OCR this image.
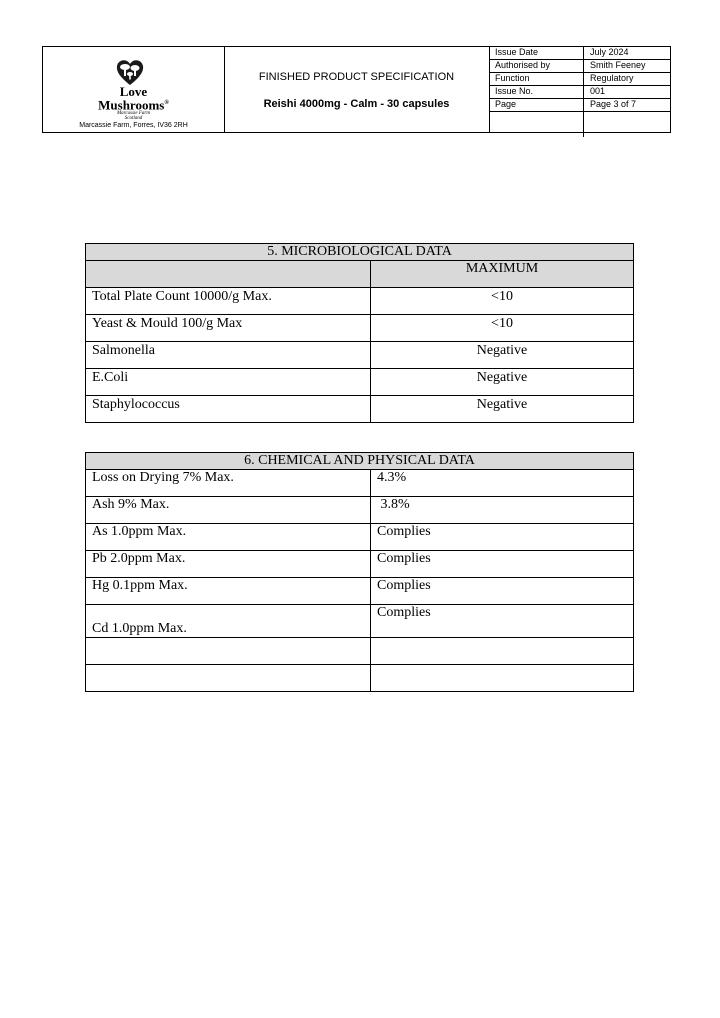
Love
Mushrooms®
Marcassie Farm
Scotland
Marcassie Farm, Forres, IV36 2RH
FINISHED PRODUCT SPECIFICATION
Reishi 4000mg - Calm - 30 capsules
Issue Date	July 2024
Authorised by	Smith Feeney
Function	Regulatory
Issue No.	001
Page	Page 3 of 7

5. MICROBIOLOGICAL DATA	
	MAXIMUM

Total Plate Count 10000/g Max.	<10

Yeast & Mould 100/g Max	<10

Salmonella	Negative

E.Coli	Negative

Staphylococcus	Negative
6. CHEMICAL AND PHYSICAL DATA	
Loss on Drying 7% Max.	4.3%
Ash 9% Max.	3.8%
As 1.0ppm Max.	Complies
Pb 2.0ppm Max.	Complies
Hg 0.1ppm Max.	Complies
Cd 1.0ppm Max.	Complies
